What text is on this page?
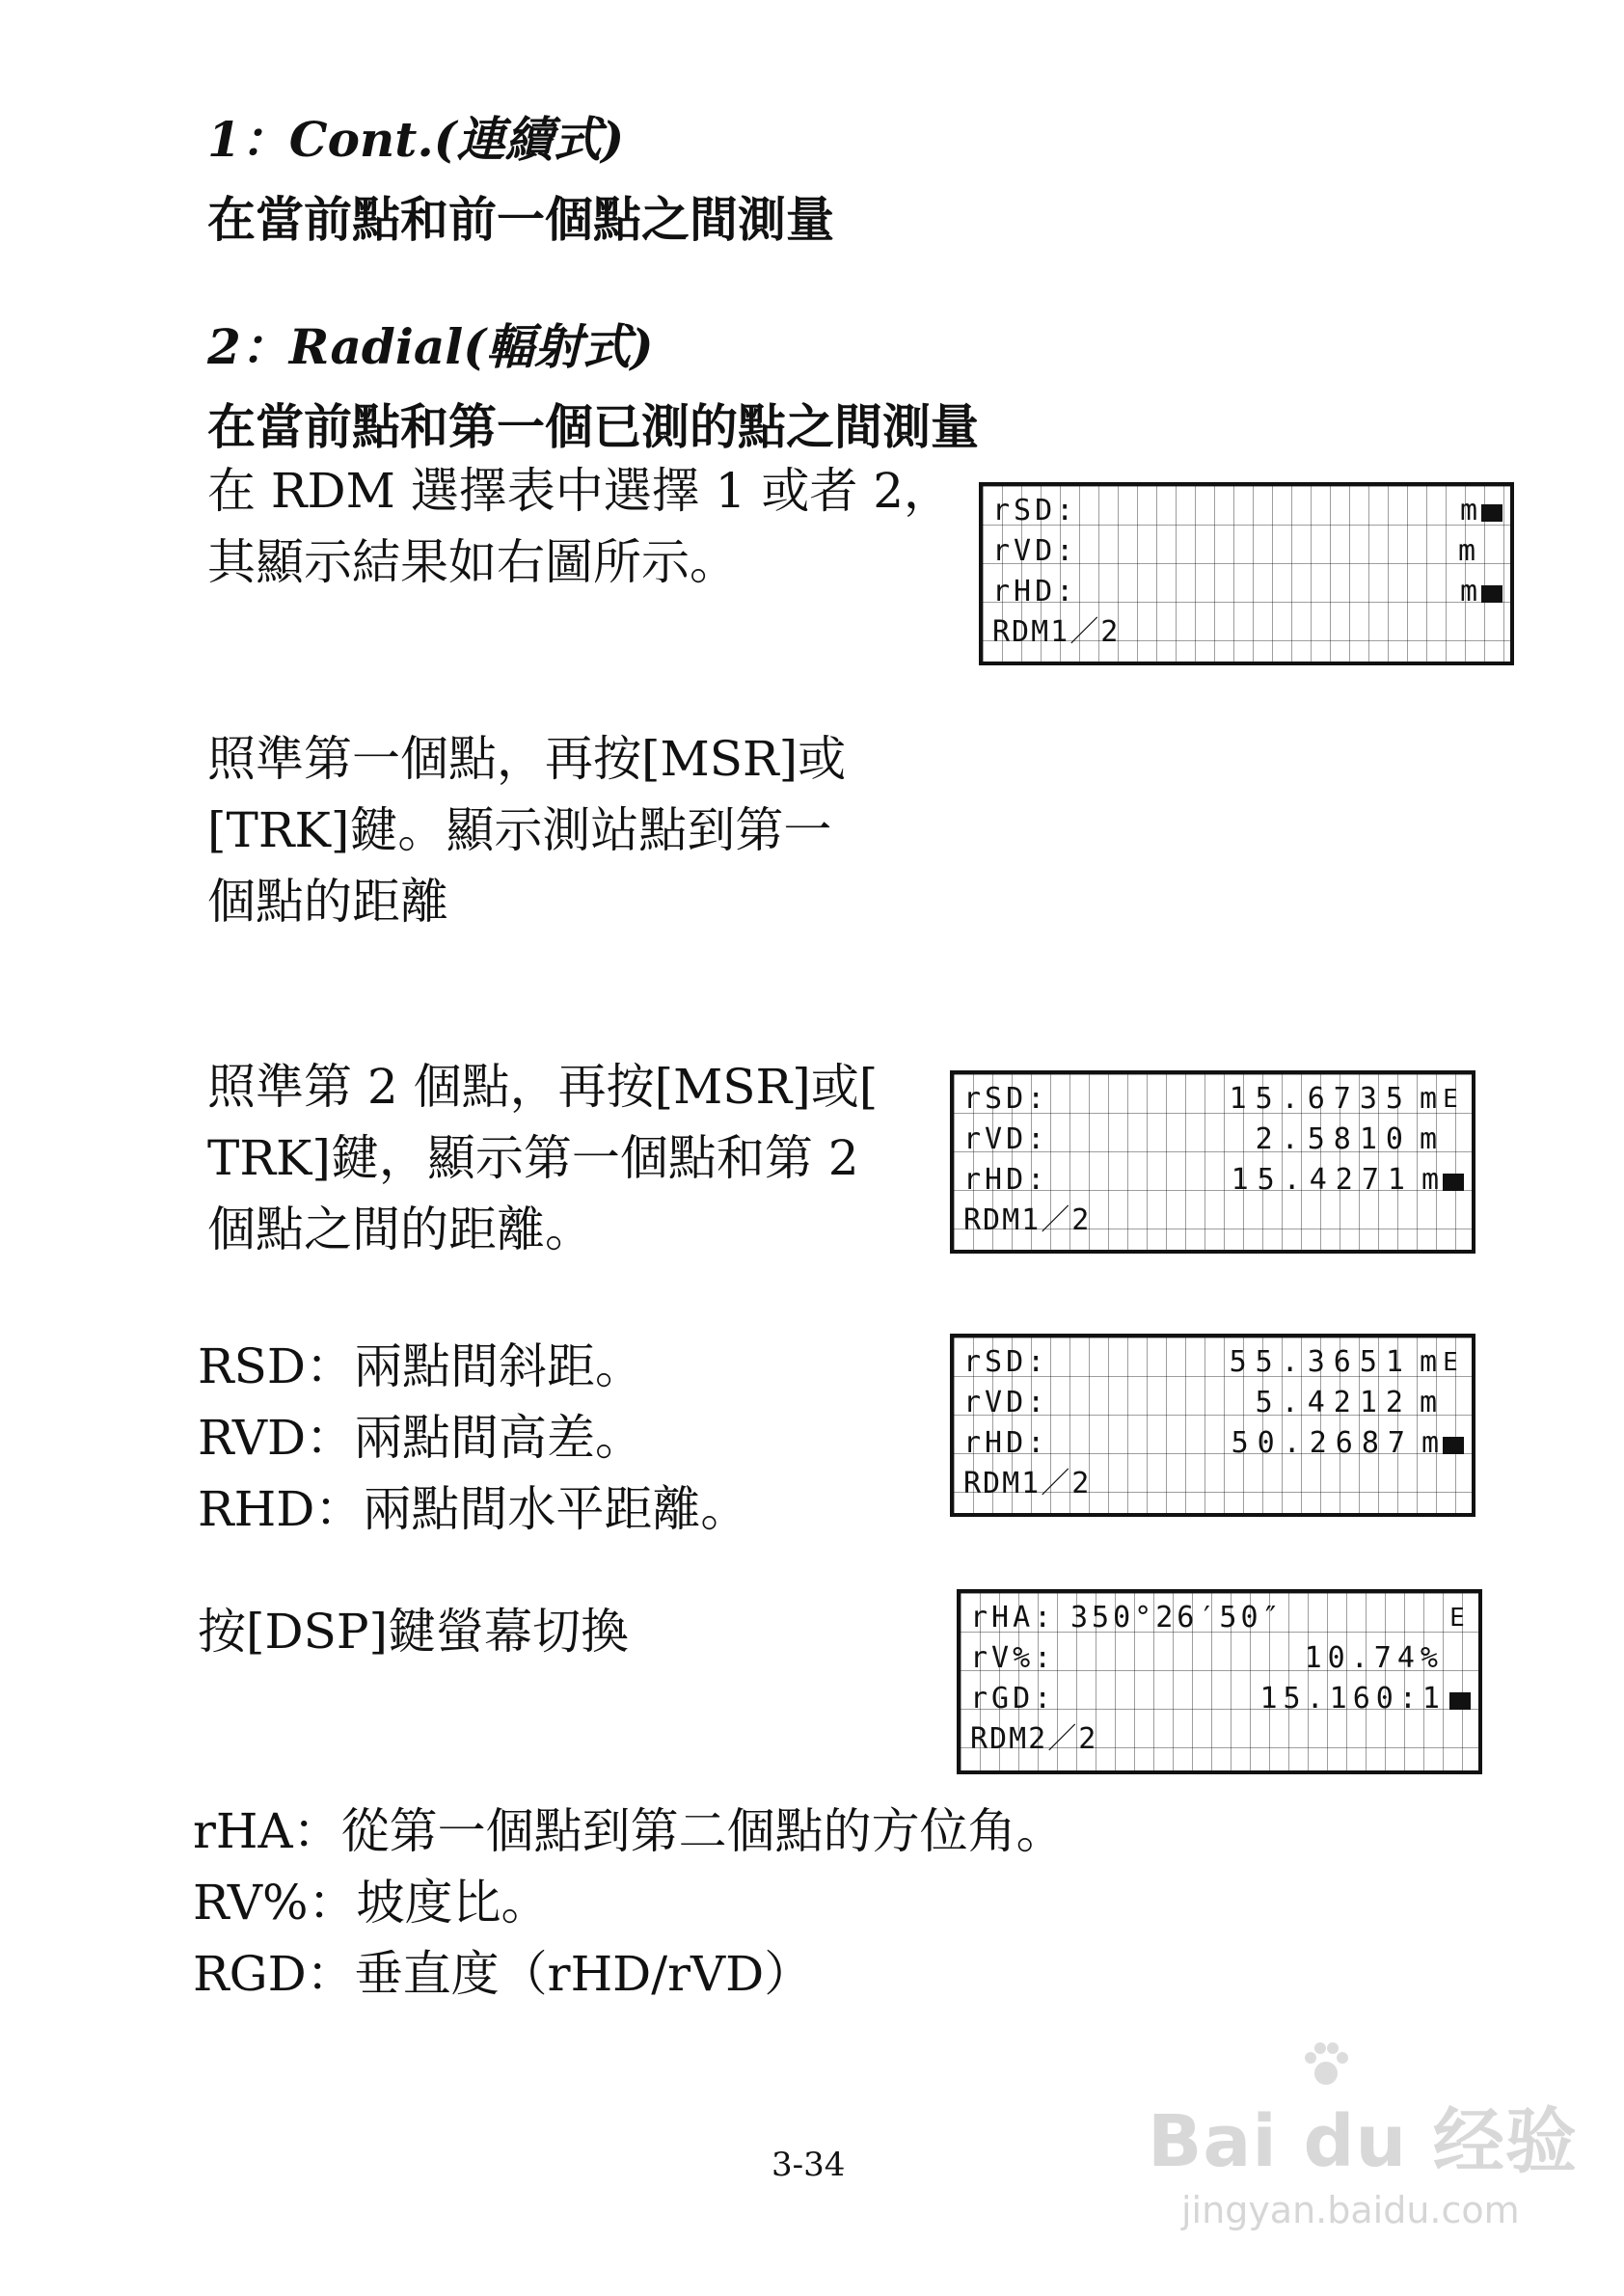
1：Cont.(連續式)
在當前點和前一個點之間測量
2：Radial(輻射式)
在當前點和第一個已測的點之間測量
在 RDM 選擇表中選擇 1 或者 2，
其顯示結果如右圖所示。
rSD:	m
rVD:	m
rHD:	m
RDM1／2
照準第一個點，再按[MSR]或
[TRK]鍵。顯示測站點到第一
個點的距離
照準第 2 個點，再按[MSR]或[
TRK]鍵，顯示第一個點和第 2
個點之間的距離。
rSD:	15.6735 m E
rVD:	2.5810 m
rHD:	15.4271 m
RDM1／2
RSD：兩點間斜距。
RVD：兩點間高差。
RHD：兩點間水平距離。
rSD:	55.3651 m E
rVD:	5.4212 m
rHD:	50.2687 m
RDM1／2
按[DSP]鍵螢幕切換	rHA: 350°26′50″	E
rV%:	10.74%
rGD:	15.160:1
RDM2／2
rHA：從第一個點到第二個點的方位角。
RV%：坡度比。
RGD：垂直度（rHD/rVD）
3-34	Bai du 经验
jingyan.baidu.com
